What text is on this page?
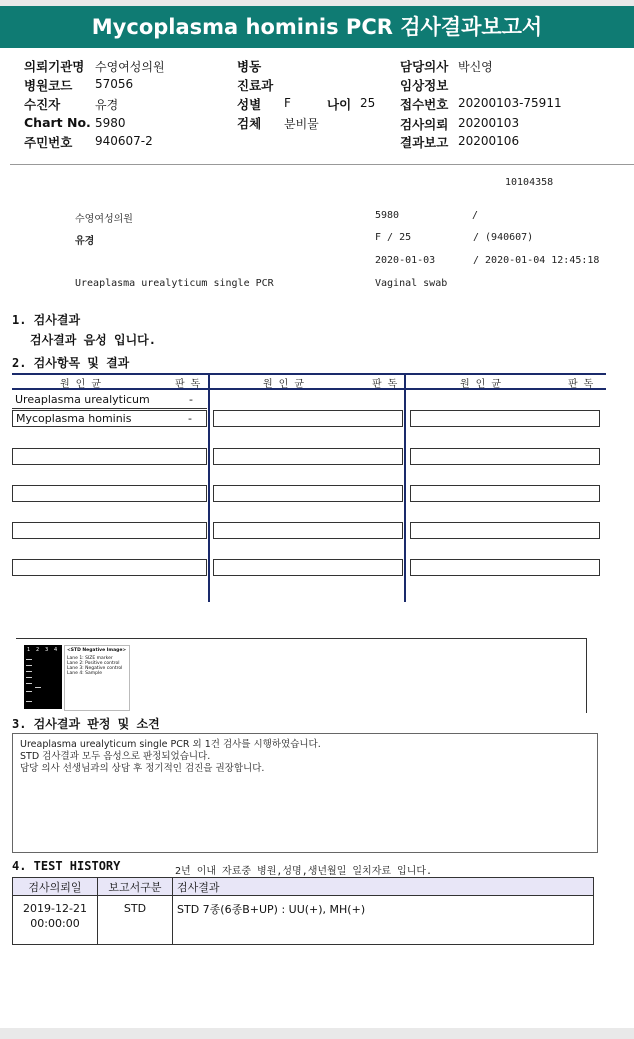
Mycoplasma hominis PCR 검사결과보고서
의뢰기관명 수영여성의원	병동	담당의사 박신영
병원코드 57056	진료과	임상정보
수진자	유경	성별 F	나이 25 접수번호 20200103-75911
Chart No. 5980	검체 분비물	검사의뢰 20200103
주민번호 940607-2	결과보고 20200106
10104358
수영여성의원	5980	/
유경	F / 25	/ (940607)
2020-01-03	/ 2020-01-04 12:45:18
Ureaplasma urealyticum single PCR	Vaginal swab
1. 검사결과
검사결과 음성 입니다.
2. 검사항목 및 결과
원 인 균	판 독	원 인 균	판 독	원 인 균	판 독
Ureaplasma urealyticum	-
Mycoplasma hominis	-
1 2 3 4 <STD Negative Image>
Lane 1: SIZE marker
Lane 2: Positive control
Lane 3: Negative control
Lane 4: Sample
3. 검사결과 판정 및 소견
Ureaplasma urealyticum single PCR 외 1건 검사를 시행하였습니다.
STD 검사결과 모두 음성으로 판정되었습니다.
담당 의사 선생님과의 상담 후 정기적인 검진을 권장합니다.
4. TEST HISTORY	2년 이내 자료중 병원,성명,생년월일 일치자료 입니다.
검사의뢰일	보고서구분	검사결과

2019-12-21
00:00:00	STD	STD 7종(6종B+UP) : UU(+), MH(+)
